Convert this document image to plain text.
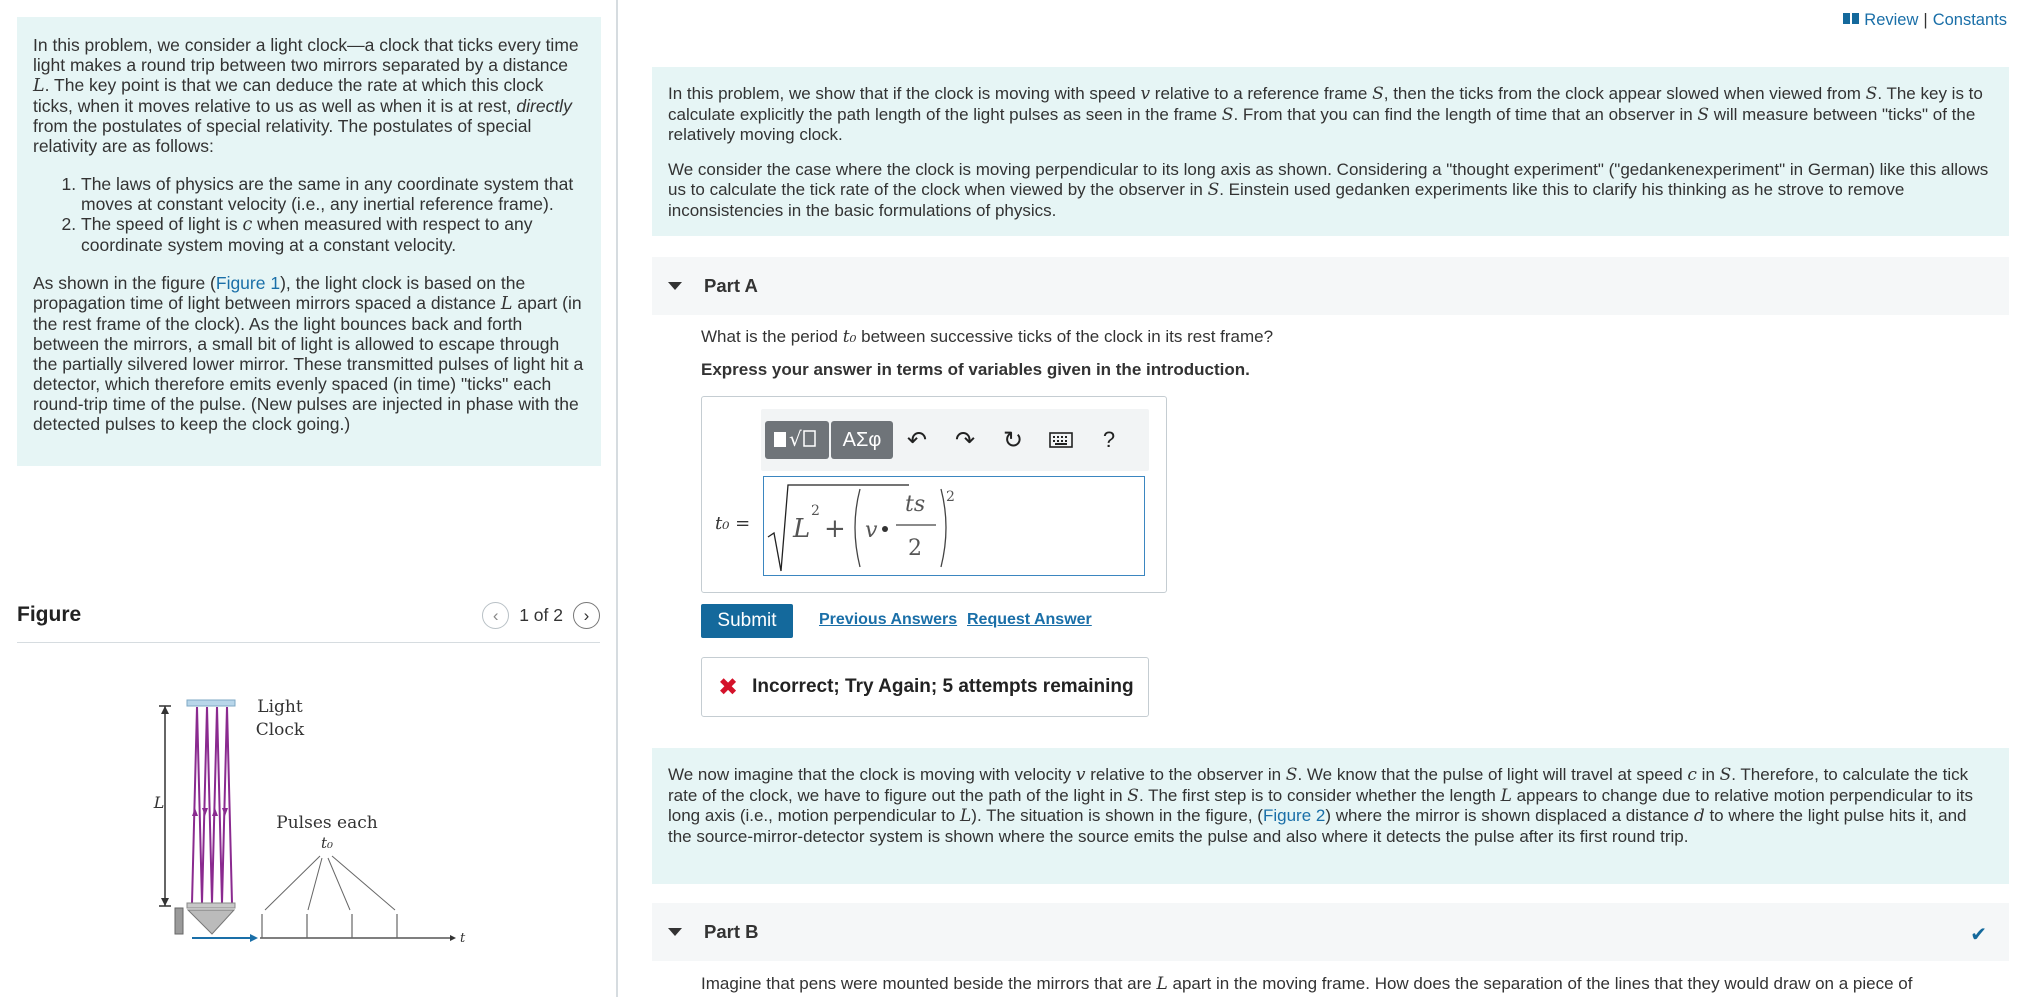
In this problem, we consider a light clock—a clock that ticks every time light makes a round trip between two mirrors separated by a distance L. The key point is that we can deduce the rate at which this clock ticks, when it moves relative to us as well as when it is at rest, directly from the postulates of special relativity. The postulates of special relativity are as follows:

1. The laws of physics are the same in any coordinate system that moves at constant velocity (i.e., any inertial reference frame).
2. The speed of light is c when measured with respect to any coordinate system moving at a constant velocity.

As shown in the figure (Figure 1), the light clock is based on the propagation time of light between mirrors spaced a distance L apart (in the rest frame of the clock). As the light bounces back and forth between the mirrors, a small bit of light is allowed to escape through the partially silvered lower mirror. These transmitted pulses of light hit a detector, which therefore emits evenly spaced (in time) "ticks" each round-trip time of the pulse. (New pulses are injected in phase with the detected pulses to keep the clock going.)

Figure	‹ 1 of 2 ›
L
t
Light
Clock
Pulses each
t₀
Review | Constants

In this problem, we show that if the clock is moving with speed v relative to a reference frame S, then the ticks from the clock appear slowed when viewed from S. The key is to calculate explicitly the path length of the light pulses as seen in the frame S. From that you can find the length of time that an observer in S will measure between "ticks" of the relatively moving clock.

We consider the case where the clock is moving perpendicular to its long axis as shown. Considering a "thought experiment" ("gedankenexperiment" in German) like this allows us to calculate the tick rate of the clock when viewed by the observer in S. Einstein used gedanken experiments like this to clarify his thinking as he strove to remove inconsistencies in the basic formulations of physics.

Part A
What is the period t₀ between successive ticks of the clock in its rest frame?
Express your answer in terms of variables given in the introduction.
√	ΑΣφ	↶	↷	↻	?
t₀ = L
2
+ v
ts
2
2
Submit	Previous Answers Request Answer
✖ Incorrect; Try Again; 5 attempts remaining

We now imagine that the clock is moving with velocity v relative to the observer in S. We know that the pulse of light will travel at speed c in S. Therefore, to calculate the tick rate of the clock, we have to figure out the path of the light in S. The first step is to consider whether the length L appears to change due to relative motion perpendicular to its long axis (i.e., motion perpendicular to L). The situation is shown in the figure, (Figure 2) where the mirror is shown displaced a distance d to where the light pulse hits it, and the source-mirror-detector system is shown where the source emits the pulse and also where it detects the pulse after its first round trip.

Part B	✔
Imagine that pens were mounted beside the mirrors that are L apart in the moving frame. How does the separation of the lines that they would draw on a piece of
